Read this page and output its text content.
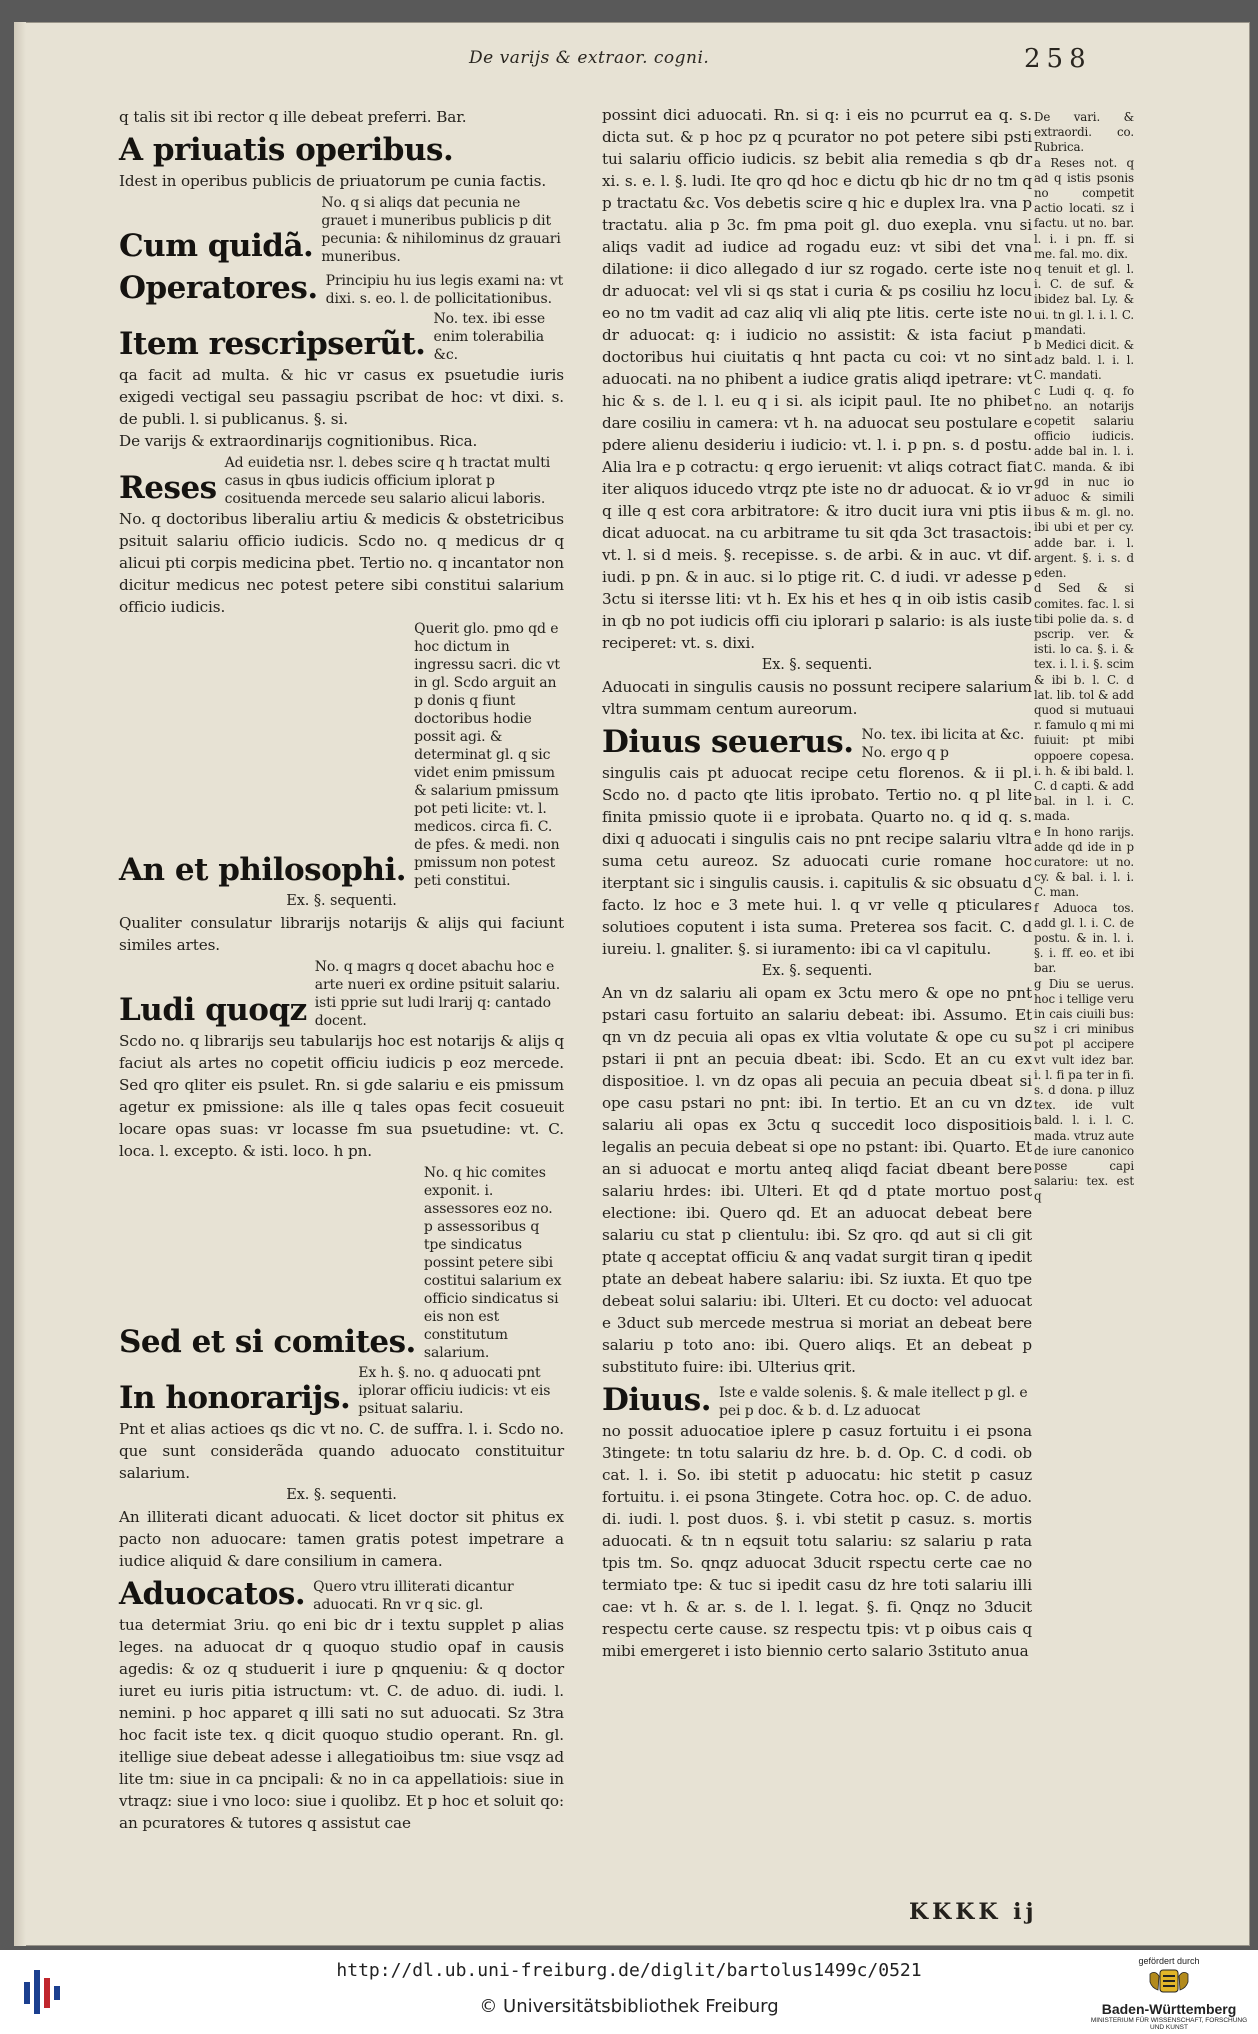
De varijs & extraor. cogni.	258

q talis sit ibi rector q ille debeat preferri. Bar.

A priuatis operibus.

Idest in operibus publicis de priuatorum pe cunia factis.

Cum quidã.
No. q si aliqs dat pecunia ne grauet i muneribus publicis p dit pecunia: & nihilominus dz grauari muneribus.
Operatores. Principiu hu ius legis exami na: vt dixi. s. eo. l. de pollicitationibus.
Item rescripserũt.
No. tex. ibi esse enim tolerabilia &c.

qa facit ad multa. & hic vr casus ex psuetudie iuris exigedi vectigal seu passagiu pscribat de hoc: vt dixi. s. de publi. l. si publicanus. §. si.

De varijs & extraordinarijs cognitionibus. Rica.

Reses
Ad euidetia nsr. l. debes scire q h tractat multi casus in qbus iudicis officium iplorat p cosituenda mercede seu salario alicui laboris.

No. q doctoribus liberaliu artiu & medicis & obstetricibus psituit salariu officio iudicis. Scdo no. q medicus dr q alicui pti corpis medicina pbet. Tertio no. q incantator non dicitur medicus nec potest petere sibi constitui salarium officio iudicis.

An et philosophi.
Querit glo. pmo qd e hoc dictum in ingressu sacri. dic vt in gl. Scdo arguit an p donis q fiunt doctoribus hodie possit agi. & determinat gl. q sic videt enim pmissum & salarium pmissum pot peti licite: vt. l. medicos. circa fi. C. de pfes. & medi. non pmissum non potest peti constitui.

Ex. §. sequenti.

Qualiter consulatur librarijs notarijs & alijs qui faciunt similes artes.

Ludi quoqz
No. q magrs q docet abachu hoc e arte nueri ex ordine psituit salariu. isti pprie sut ludi lrarij q: cantado docent.

Scdo no. q librarijs seu tabularijs hoc est notarijs & alijs q faciut als artes no copetit officiu iudicis p eoz mercede. Sed qro qliter eis psulet. Rn. si gde salariu e eis pmissum agetur ex pmissione: als ille q tales opas fecit cosueuit locare opas suas: vr locasse fm sua psuetudine: vt. C. loca. l. excepto. & isti. loco. h pn.

Sed et si comites.
No. q hic comites exponit. i. assessores eoz no. p assessoribus q tpe sindicatus possint petere sibi costitui salarium ex officio sindicatus si eis non est constitutum salarium.
In honorarijs.
Ex h. §. no. q aduocati pnt iplorar officiu iudicis: vt eis psituat salariu.

Pnt et alias actioes qs dic vt no. C. de suffra. l. i. Scdo no. que sunt considerãda quando aduocato constituitur salarium.

Ex. §. sequenti.

An illiterati dicant aduocati. & licet doctor sit phitus ex pacto non aduocare: tamen gratis potest impetrare a iudice aliquid & dare consilium in camera.

Aduocatos. Quero vtru illiterati dicantur aduocati. Rn vr q sic. gl.

tua determiat 3riu. qo eni bic dr i textu supplet p alias leges. na aduocat dr q quoquo studio opaf in causis agedis: & oz q studuerit i iure p qnqueniu: & q doctor iuret eu iuris pitia istructum: vt. C. de aduo. di. iudi. l. nemini. p hoc apparet q illi sati no sut aduocati. Sz 3tra hoc facit iste tex. q dicit quoquo studio operant. Rn. gl. itellige siue debeat adesse i allegatioibus tm: siue vsqz ad lite tm: siue in ca pncipali: & no in ca appellatiois: siue in vtraqz: siue i vno loco: siue i quolibz. Et p hoc et soluit qo: an pcuratores & tutores q assistut cae

possint dici aduocati. Rn. si q: i eis no pcurrut ea q. s. dicta sut. & p hoc pz q pcurator no pot petere sibi psti tui salariu officio iudicis. sz bebit alia remedia s qb dr xi. s. e. l. §. ludi. Ite qro qd hoc e dictu qb hic dr no tm q p tractatu &c. Vos debetis scire q hic e duplex lra. vna p tractatu. alia p 3c. fm pma poit gl. duo exepla. vnu si aliqs vadit ad iudice ad rogadu euz: vt sibi det vna dilatione: ii dico allegado d iur sz rogado. certe iste no dr aduocat: vel vli si qs stat i curia & ps cosiliu hz locu eo no tm vadit ad caz aliq vli aliq pte litis. certe iste no dr aduocat: q: i iudicio no assistit: & ista faciut p doctoribus hui ciuitatis q hnt pacta cu coi: vt no sint aduocati. na no phibent a iudice gratis aliqd ipetrare: vt hic & s. de l. l. eu q i si. als icipit paul. Ite no phibet dare cosiliu in camera: vt h. na aduocat seu postulare e pdere alienu desideriu i iudicio: vt. l. i. p pn. s. d postu. Alia lra e p cotractu: q ergo ieruenit: vt aliqs cotract fiat iter aliquos iducedo vtrqz pte iste no dr aduocat. & io vr q ille q est cora arbitratore: & itro ducit iura vni ptis ii dicat aduocat. na cu arbitrame tu sit qda 3ct trasactois: vt. l. si d meis. §. recepisse. s. de arbi. & in auc. vt dif. iudi. p pn. & in auc. si lo ptige rit. C. d iudi. vr adesse p 3ctu si itersse liti: vt h. Ex his et hes q in oib istis casib in qb no pot iudicis offi ciu iplorari p salario: is als iuste reciperet: vt. s. dixi.

Ex. §. sequenti.

Aduocati in singulis causis no possunt recipere salarium vltra summam centum aureorum.

Diuus seuerus. No. tex. ibi licita at &c. No. ergo q p

singulis cais pt aduocat recipe cetu florenos. & ii pl. Scdo no. d pacto qte litis iprobato. Tertio no. q pl lite finita pmissio quote ii e iprobata. Quarto no. q id q. s. dixi q aduocati i singulis cais no pnt recipe salariu vltra suma cetu aureoz. Sz aduocati curie romane hoc iterptant sic i singulis causis. i. capitulis & sic obsuatu d facto. lz hoc e 3 mete hui. l. q vr velle q pticulares solutioes coputent i ista suma. Preterea sos facit. C. d iureiu. l. gnaliter. §. si iuramento: ibi ca vl capitulu.

Ex. §. sequenti.

An vn dz salariu ali opam ex 3ctu mero & ope no pnt pstari casu fortuito an salariu debeat: ibi. Assumo. Et qn vn dz pecuia ali opas ex vltia volutate & ope cu su pstari ii pnt an pecuia dbeat: ibi. Scdo. Et an cu ex dispositioe. l. vn dz opas ali pecuia an pecuia dbeat si ope casu pstari no pnt: ibi. In tertio. Et an cu vn dz salariu ali opas ex 3ctu q succedit loco dispositiois legalis an pecuia debeat si ope no pstant: ibi. Quarto. Et an si aduocat e mortu anteq aliqd faciat dbeant bere salariu hrdes: ibi. Ulteri. Et qd d ptate mortuo post electione: ibi. Quero qd. Et an aduocat debeat bere salariu cu stat p clientulu: ibi. Sz qro. qd aut si cli git ptate q acceptat officiu & anq vadat surgit tiran q ipedit ptate an debeat habere salariu: ibi. Sz iuxta. Et quo tpe debeat solui salariu: ibi. Ulteri. Et cu docto: vel aduocat e 3duct sub mercede mestrua si moriat an debeat bere salariu p toto ano: ibi. Quero aliqs. Et an debeat p substituto fuire: ibi. Ulterius qrit.

Diuus. Iste e valde solenis. §. & male itellect p gl. e pei p doc. & b. d. Lz aduocat

no possit aduocatioe iplere p casuz fortuitu i ei psona 3tingete: tn totu salariu dz hre. b. d. Op. C. d codi. ob cat. l. i. So. ibi stetit p aduocatu: hic stetit p casuz fortuitu. i. ei psona 3tingete. Cotra hoc. op. C. de aduo. di. iudi. l. post duos. §. i. vbi stetit p casuz. s. mortis aduocati. & tn n eqsuit totu salariu: sz salariu p rata tpis tm. So. qnqz aduocat 3ducit rspectu certe cae no termiato tpe: & tuc si ipedit casu dz hre toti salariu illi cae: vt h. & ar. s. de l. l. legat. §. fi. Qnqz no 3ducit respectu certe cause. sz respectu tpis: vt p oibus cais q mibi emergeret i isto biennio certo salario 3stituto anua

De vari. & extraordi. co. Rubrica.

a Reses not. q ad q istis psonis no competit actio locati. sz i factu. ut no. bar. l. i. i pn. ff. si me. fal. mo. dix.

q tenuit et gl. l. i. C. de suf. & ibidez bal. Ly. & ui. tn gl. l. i. l. C. mandati.

b Medici dicit. & adz bald. l. i. l. C. mandati.

c Ludi q. q. fo no. an notarijs copetit salariu officio iudicis. adde bal in. l. i. C. manda. & ibi gd in nuc io aduoc & simili bus & m. gl. no. ibi ubi et per cy. adde bar. i. l. argent. §. i. s. d eden.

d Sed & si comites. fac. l. si tibi polie da. s. d pscrip. ver. & isti. lo ca. §. i. & tex. i. l. i. §. scim & ibi b. l. C. d lat. lib. tol & add quod si mutuaui r. famulo q mi mi fuiuit: pt mibi oppoere copesa. i. h. & ibi bald. l. C. d capti. & add bal. in l. i. C. mada.

e In hono rarijs. adde qd ide in p curatore: ut no. cy. & bal. i. l. i. C. man.

f Aduoca tos. add gl. l. i. C. de postu. & in. l. i. §. i. ff. eo. et ibi bar.

g Diu se uerus. hoc i tellige veru in cais ciuili bus: sz i cri minibus pot pl accipere vt vult idez bar. i. l. fi pa ter in fi. s. d dona. p illuz tex. ide vult bald. l. i. l. C. mada. vtruz aute de iure canonico posse capi salariu: tex. est q

KKKK ij
http://dl.ub.uni-freiburg.de/diglit/bartolus1499c/0521
© Universitätsbibliothek Freiburg
gefördert durch
Baden-Württemberg
MINISTERIUM FÜR WISSENSCHAFT, FORSCHUNG UND KUNST
